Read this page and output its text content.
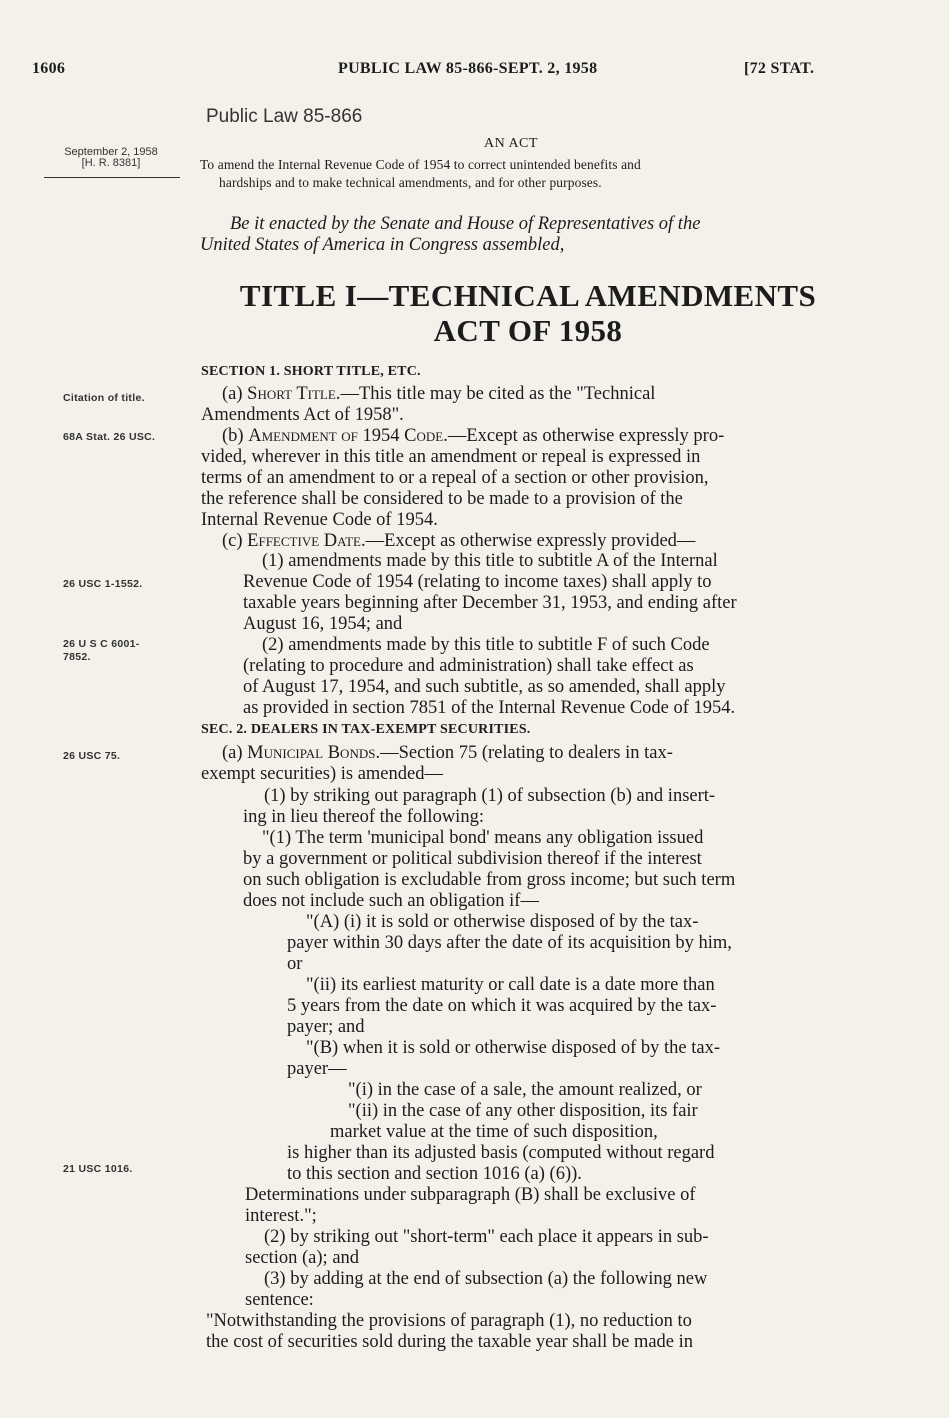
1606	PUBLIC LAW 85-866-SEPT. 2, 1958	[72 STAT.
Public Law 85-866
September 2, 1958
[H. R. 8381]
AN ACT
To amend the Internal Revenue Code of 1954 to correct unintended benefits and
hardships and to make technical amendments, and for other purposes.
Be it enacted by the Senate and House of Representatives of the
United States of America in Congress assembled,
TITLE I—TECHNICAL AMENDMENTS
ACT OF 1958
Citation of title.
68A Stat. 26 USC.
26 USC 1-1552.
26 U S C 6001-
7852.
26 USC 75.
21 USC 1016.
SECTION 1. SHORT TITLE, ETC.
(a) Short Title.—This title may be cited as the "Technical
Amendments Act of 1958".
(b) Amendment of 1954 Code.—Except as otherwise expressly pro-
vided, wherever in this title an amendment or repeal is expressed in
terms of an amendment to or a repeal of a section or other provision,
the reference shall be considered to be made to a provision of the
Internal Revenue Code of 1954.
(c) Effective Date.—Except as otherwise expressly provided—
(1) amendments made by this title to subtitle A of the Internal
Revenue Code of 1954 (relating to income taxes) shall apply to
taxable years beginning after December 31, 1953, and ending after
August 16, 1954; and
(2) amendments made by this title to subtitle F of such Code
(relating to procedure and administration) shall take effect as
of August 17, 1954, and such subtitle, as so amended, shall apply
as provided in section 7851 of the Internal Revenue Code of 1954.
SEC. 2. DEALERS IN TAX-EXEMPT SECURITIES.
(a) Municipal Bonds.—Section 75 (relating to dealers in tax-
exempt securities) is amended—
(1) by striking out paragraph (1) of subsection (b) and insert-
ing in lieu thereof the following:
"(1) The term 'municipal bond' means any obligation issued
by a government or political subdivision thereof if the interest
on such obligation is excludable from gross income; but such term
does not include such an obligation if—
"(A) (i) it is sold or otherwise disposed of by the tax-
payer within 30 days after the date of its acquisition by him,
or
"(ii) its earliest maturity or call date is a date more than
5 years from the date on which it was acquired by the tax-
payer; and
"(B) when it is sold or otherwise disposed of by the tax-
payer—
"(i) in the case of a sale, the amount realized, or
"(ii) in the case of any other disposition, its fair
market value at the time of such disposition,
is higher than its adjusted basis (computed without regard
to this section and section 1016 (a) (6)).
Determinations under subparagraph (B) shall be exclusive of
interest.";
(2) by striking out "short-term" each place it appears in sub-
section (a); and
(3) by adding at the end of subsection (a) the following new
sentence:
"Notwithstanding the provisions of paragraph (1), no reduction to
the cost of securities sold during the taxable year shall be made in
